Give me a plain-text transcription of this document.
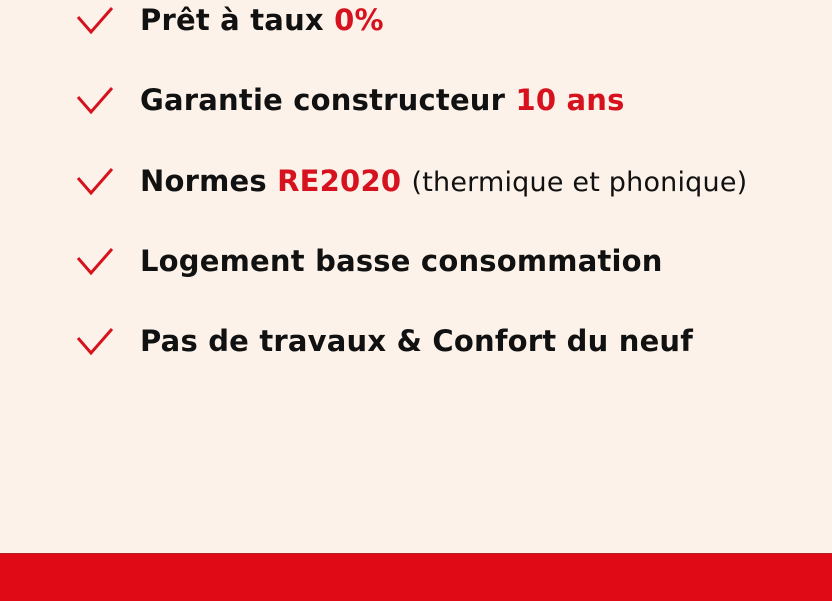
Prêt à taux 0%
Garantie constructeur 10 ans
Normes RE2020 (thermique et phonique)
Logement basse consommation
Pas de travaux & Confort du neuf
